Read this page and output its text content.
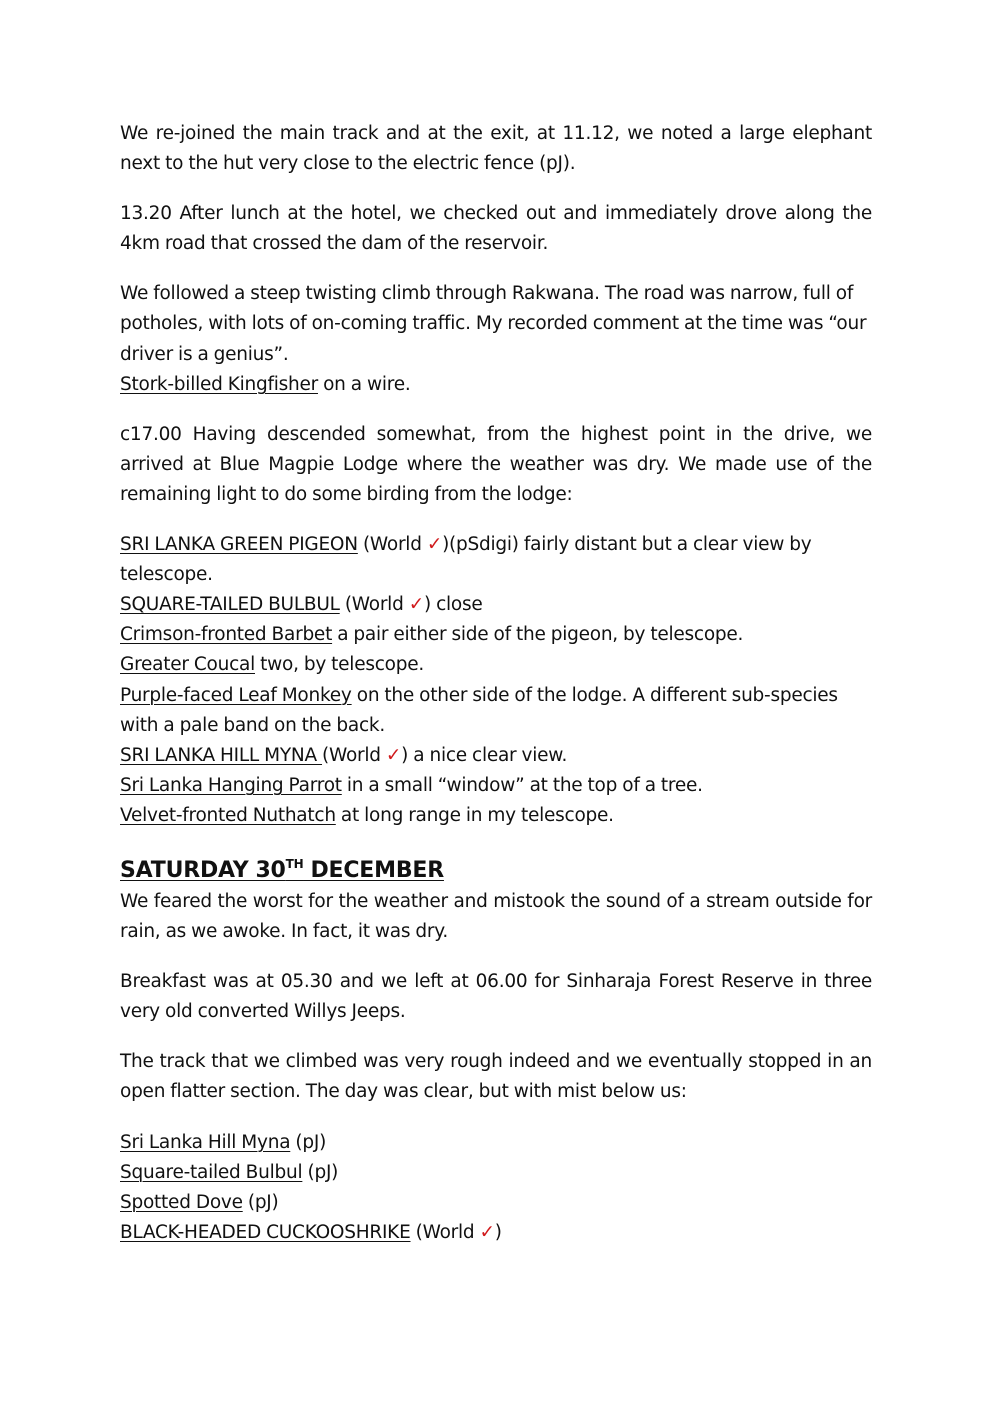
We re-joined the main track and at the exit, at 11.12, we noted a large elephant next to the hut very close to the electric fence (pJ).

13.20 After lunch at the hotel, we checked out and immediately drove along the 4km road that crossed the dam of the reservoir.

We followed a steep twisting climb through Rakwana. The road was narrow, full of potholes, with lots of on-coming traffic. My recorded comment at the time was “our driver is a genius”.
Stork-billed Kingfisher on a wire.

c17.00 Having descended somewhat, from the highest point in the drive, we arrived at Blue Magpie Lodge where the weather was dry. We made use of the remaining light to do some birding from the lodge:

SRI LANKA GREEN PIGEON (World ✓)(pSdigi) fairly distant but a clear view by telescope.
SQUARE-TAILED BULBUL (World ✓) close
Crimson-fronted Barbet a pair either side of the pigeon, by telescope.
Greater Coucal two, by telescope.
Purple-faced Leaf Monkey on the other side of the lodge. A different sub-species with a pale band on the back.
SRI LANKA HILL MYNA (World ✓) a nice clear view.
Sri Lanka Hanging Parrot in a small “window” at the top of a tree.
Velvet-fronted Nuthatch at long range in my telescope.
SATURDAY 30TH DECEMBER

We feared the worst for the weather and mistook the sound of a stream outside for rain, as we awoke. In fact, it was dry.

Breakfast was at 05.30 and we left at 06.00 for Sinharaja Forest Reserve in three very old converted Willys Jeeps.

The track that we climbed was very rough indeed and we eventually stopped in an open flatter section. The day was clear, but with mist below us:

Sri Lanka Hill Myna (pJ)
Square-tailed Bulbul (pJ)
Spotted Dove (pJ)
BLACK-HEADED CUCKOOSHRIKE (World ✓)
